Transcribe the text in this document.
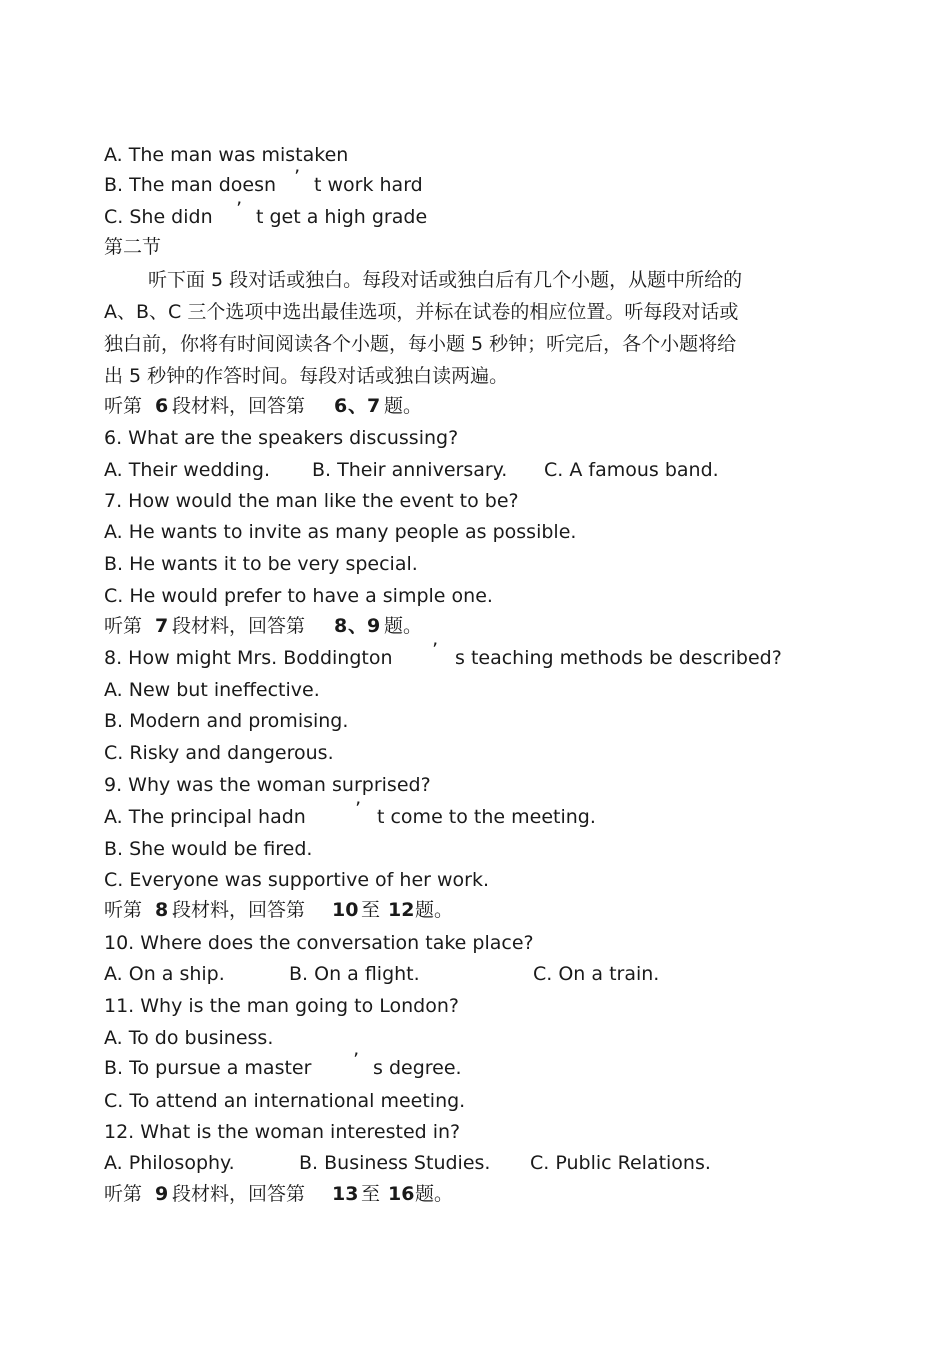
A. The man was mistaken
B. The man doesn ’ t work hard
C. She didn ’ t get a high grade
第二节
听下面 5 段对话或独白。每段对话或独白后有几个小题，从题中所给的
A、B、C 三个选项中选出最佳选项，并标在试卷的相应位置。听每段对话或
独白前，你将有时间阅读各个小题，每小题 5 秒钟；听完后，各个小题将给
出 5 秒钟的作答时间。每段对话或独白读两遍。
听第 6 段材料，回答第 6 、 7 题。
6. What are the speakers discussing?
A. Their wedding. B. Their anniversary. C. A famous band.
7. How would the man like the event to be?
A. He wants to invite as many people as possible.
B. He wants it to be very special.
C. He would prefer to have a simple one.
听第 7 段材料，回答第 8 、 9 题。
8. How might Mrs. Boddington ’ s teaching methods be described?
A. New but ineffective.
B. Modern and promising.
C. Risky and dangerous.
9. Why was the woman surprised?
A. The principal hadn	’ t come to the meeting.
B. She would be fired.
C. Everyone was supportive of her work.
听第 8 段材料，回答第 10 至 12 题。
10. Where does the conversation take place?
A. On a ship.	B. On a flight.	C. On a train.
11. Why is the man going to London?
A. To do business.
B. To pursue a master ’ s degree.
C. To attend an international meeting.
12. What is the woman interested in?
A. Philosophy.	B. Business Studies. C. Public Relations.
听第 9 段材料，回答第 13 至 16 题。
